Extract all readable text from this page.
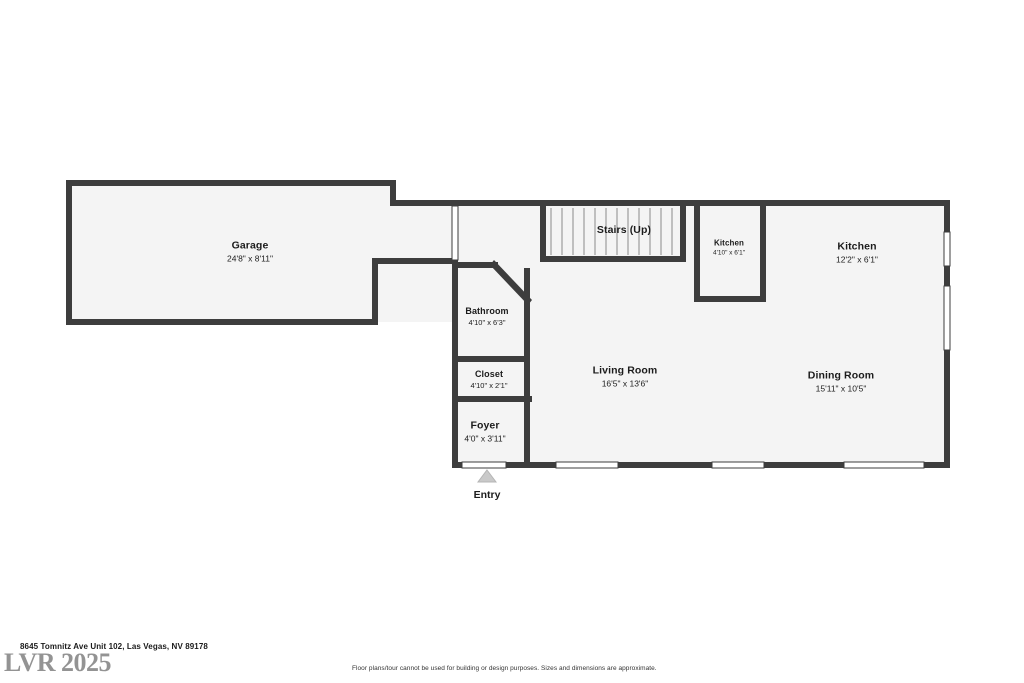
Garage
24'8" x 8'11"
Stairs (Up)
Kitchen
4'10" x 6'1"
Kitchen
12'2" x 6'1"
Bathroom
4'10" x 6'3"
Closet
4'10" x 2'1"
Living Room
16'5" x 13'6"
Dining Room
15'11" x 10'5"
Foyer
4'0" x 3'11"
Entry
8645 Tomnitz Ave Unit 102, Las Vegas, NV 89178
Floor plans/tour cannot be used for building or design purposes. Sizes and dimensions are approximate.
LVR 2025
